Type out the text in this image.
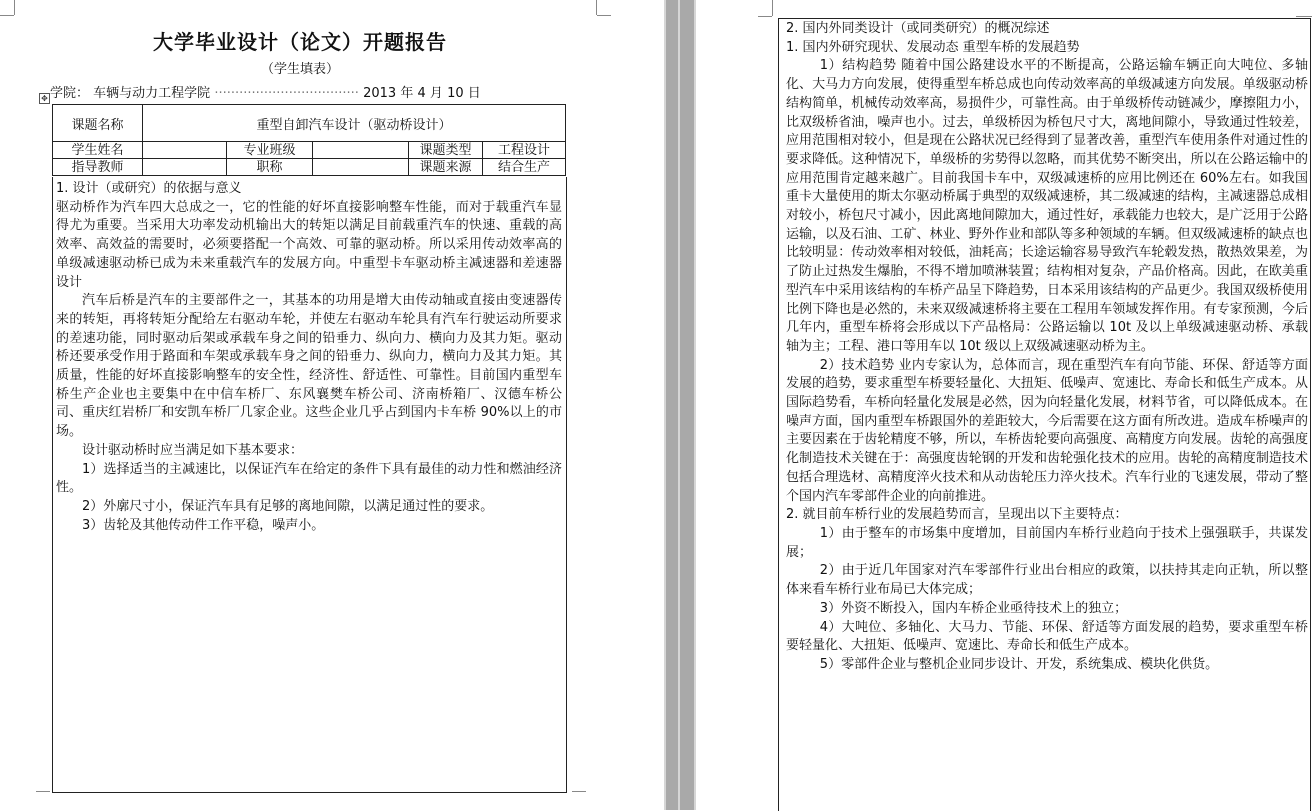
大学毕业设计（论文）开题报告
（学生填表）
学院： 车辆与动力工程学院 ··································· 2013 年 4 月 10 日
✥
课题名称	重型自卸汽车设计（驱动桥设计）				
学生姓名		专业班级		课题类型	工程设计
指导教师		职称		课题来源	结合生产

1. 设计（或研究）的依据与意义

驱动桥作为汽车四大总成之一，它的性能的好坏直接影响整车性能，而对于载重汽车显得尤为重要。当采用大功率发动机输出大的转矩以满足目前载重汽车的快速、重载的高效率、高效益的需要时，必须要搭配一个高效、可靠的驱动桥。所以采用传动效率高的单级减速驱动桥已成为未来重载汽车的发展方向。中重型卡车驱动桥主减速器和差速器设计

汽车后桥是汽车的主要部件之一，其基本的功用是增大由传动轴或直接由变速器传来的转矩，再将转矩分配给左右驱动车轮，并使左右驱动车轮具有汽车行驶运动所要求的差速功能，同时驱动后架或承载车身之间的铅垂力、纵向力、横向力及其力矩。驱动桥还要承受作用于路面和车架或承载车身之间的铅垂力、纵向力，横向力及其力矩。其质量，性能的好坏直接影响整车的安全性，经济性、舒适性、可靠性。目前国内重型车桥生产企业也主要集中在中信车桥厂、东风襄樊车桥公司、济南桥箱厂、汉德车桥公司、重庆红岩桥厂和安凯车桥厂几家企业。这些企业几乎占到国内卡车桥 90%以上的市场。

设计驱动桥时应当满足如下基本要求：

1）选择适当的主减速比，以保证汽车在给定的条件下具有最佳的动力性和燃油经济性。

2）外廓尺寸小，保证汽车具有足够的离地间隙，以满足通过性的要求。

3）齿轮及其他传动件工作平稳，噪声小。

2. 国内外同类设计（或同类研究）的概况综述

1. 国内外研究现状、发展动态 重型车桥的发展趋势

1）结构趋势 随着中国公路建设水平的不断提高，公路运输车辆正向大吨位、多轴化、大马力方向发展，使得重型车桥总成也向传动效率高的单级减速方向发展。单级驱动桥结构简单，机械传动效率高，易损件少，可靠性高。由于单级桥传动链减少，摩擦阻力小，比双级桥省油，噪声也小。过去，单级桥因为桥包尺寸大，离地间隙小，导致通过性较差，应用范围相对较小，但是现在公路状况已经得到了显著改善，重型汽车使用条件对通过性的要求降低。这种情况下，单级桥的劣势得以忽略，而其优势不断突出，所以在公路运输中的应用范围肯定越来越广。目前我国卡车中，双级减速桥的应用比例还在 60%左右。如我国重卡大量使用的斯太尔驱动桥属于典型的双级减速桥，其二级减速的结构，主减速器总成相对较小，桥包尺寸减小，因此离地间隙加大，通过性好，承载能力也较大，是广泛用于公路运输，以及石油、工矿、林业、野外作业和部队等多种领域的车辆。但双级减速桥的缺点也比较明显：传动效率相对较低，油耗高；长途运输容易导致汽车轮毂发热，散热效果差，为了防止过热发生爆胎，不得不增加喷淋装置；结构相对复杂，产品价格高。因此，在欧美重型汽车中采用该结构的车桥产品呈下降趋势，日本采用该结构的产品更少。我国双级桥使用比例下降也是必然的，未来双级减速桥将主要在工程用车领域发挥作用。有专家预测，今后几年内，重型车桥将会形成以下产品格局：公路运输以 10t 及以上单级减速驱动桥、承载轴为主；工程、港口等用车以 10t 级以上双级减速驱动桥为主。

2）技术趋势 业内专家认为，总体而言，现在重型汽车有向节能、环保、舒适等方面发展的趋势，要求重型车桥要轻量化、大扭矩、低噪声、宽速比、寿命长和低生产成本。从国际趋势看，车桥向轻量化发展是必然，因为向轻量化发展，材料节省，可以降低成本。在噪声方面，国内重型车桥跟国外的差距较大，今后需要在这方面有所改进。造成车桥噪声的主要因素在于齿轮精度不够，所以，车桥齿轮要向高强度、高精度方向发展。齿轮的高强度化制造技术关键在于：高强度齿轮钢的开发和齿轮强化技术的应用。齿轮的高精度制造技术包括合理选材、高精度淬火技术和从动齿轮压力淬火技术。汽车行业的飞速发展，带动了整个国内汽车零部件企业的向前推进。

2. 就目前车桥行业的发展趋势而言，呈现出以下主要特点：

1）由于整车的市场集中度增加，目前国内车桥行业趋向于技术上强强联手，共谋发展；

2）由于近几年国家对汽车零部件行业出台相应的政策，以扶持其走向正轨，所以整体来看车桥行业布局已大体完成；

3）外资不断投入，国内车桥企业亟待技术上的独立；

4）大吨位、多轴化、大马力、节能、环保、舒适等方面发展的趋势，要求重型车桥要轻量化、大扭矩、低噪声、宽速比、寿命长和低生产成本。

5）零部件企业与整机企业同步设计、开发，系统集成、模块化供货。
